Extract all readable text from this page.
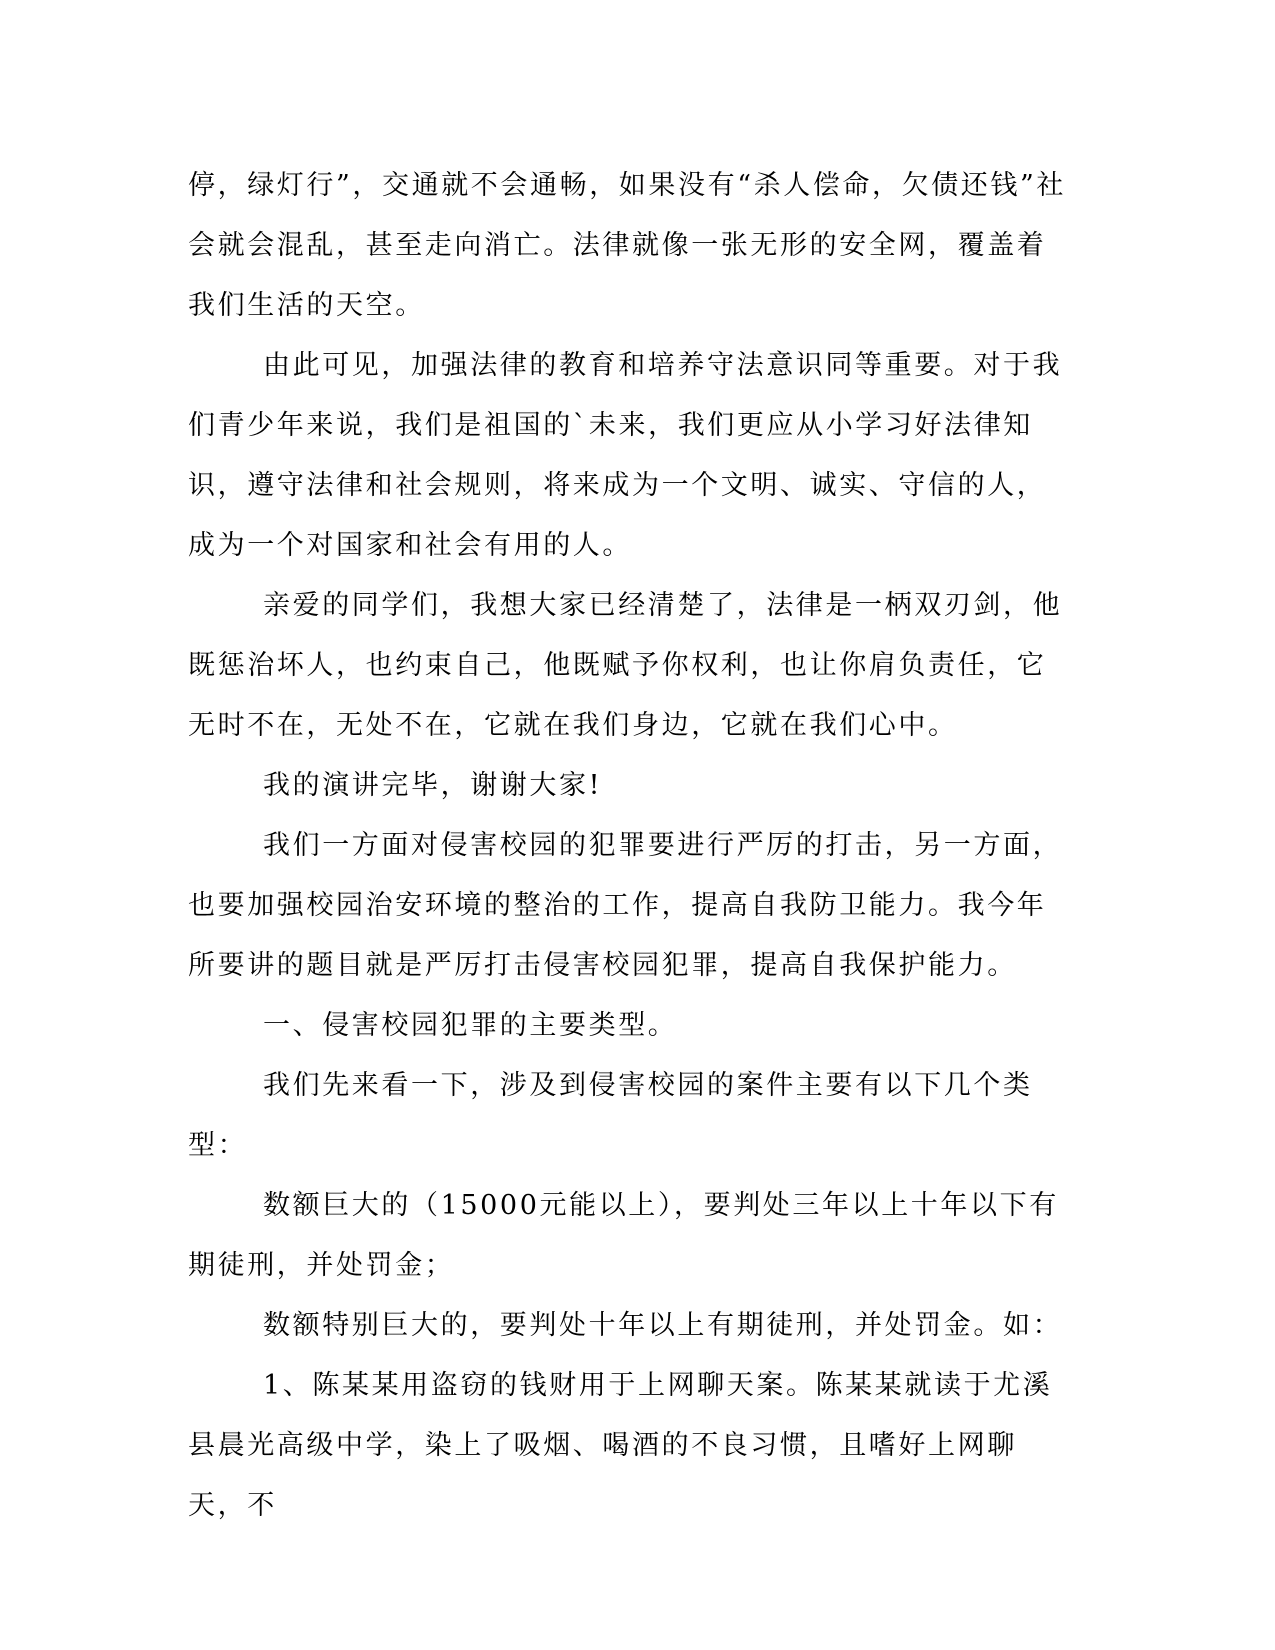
停，绿灯行”，交通就不会通畅，如果没有“杀人偿命，欠债还钱”社会就会混乱，甚至走向消亡。法律就像一张无形的安全网，覆盖着我们生活的天空。

由此可见，加强法律的教育和培养守法意识同等重要。对于我们青少年来说，我们是祖国的`未来，我们更应从小学习好法律知识，遵守法律和社会规则，将来成为一个文明、诚实、守信的人，成为一个对国家和社会有用的人。

亲爱的同学们，我想大家已经清楚了，法律是一柄双刃剑，他既惩治坏人，也约束自己，他既赋予你权利，也让你肩负责任，它无时不在，无处不在，它就在我们身边，它就在我们心中。

我的演讲完毕，谢谢大家!

我们一方面对侵害校园的犯罪要进行严厉的打击，另一方面，也要加强校园治安环境的整治的工作，提高自我防卫能力。我今年所要讲的题目就是严厉打击侵害校园犯罪，提高自我保护能力。

一、侵害校园犯罪的主要类型。

我们先来看一下，涉及到侵害校园的案件主要有以下几个类型：

数额巨大的（15000元能以上），要判处三年以上十年以下有期徒刑，并处罚金；

数额特别巨大的，要判处十年以上有期徒刑，并处罚金。如：

1、陈某某用盗窃的钱财用于上网聊天案。陈某某就读于尤溪县晨光高级中学，染上了吸烟、喝酒的不良习惯，且嗜好上网聊天，不
